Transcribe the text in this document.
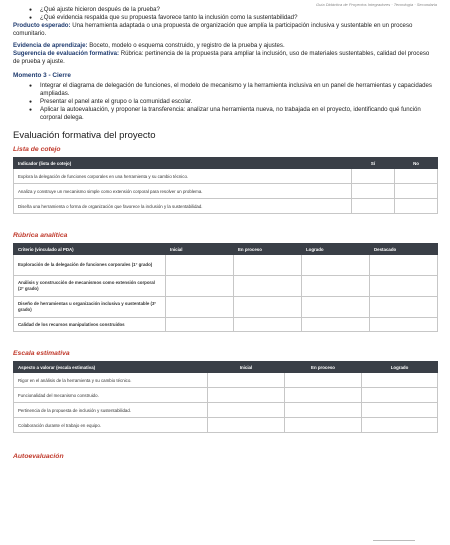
Guía Didáctica de Proyectos Integradores · Tecnología · Secundaria
● ¿Qué ajuste hicieron después de la prueba?
● ¿Qué evidencia respalda que su propuesta favorece tanto la inclusión como la sustentabilidad?

Producto esperado: Una herramienta adaptada o una propuesta de organización que amplía la participación inclusiva y sustentable en un proceso comunitario.

Evidencia de aprendizaje: Boceto, modelo o esquema construido, y registro de la prueba y ajustes.

Sugerencia de evaluación formativa: Rúbrica: pertinencia de la propuesta para ampliar la inclusión, uso de materiales sustentables, calidad del proceso de prueba y ajuste.

Momento 3 - Cierre
● Integrar el diagrama de delegación de funciones, el modelo de mecanismo y la herramienta inclusiva en un panel de herramientas y capacidades ampliadas.
● Presentar el panel ante el grupo o la comunidad escolar.
● Aplicar la autoevaluación, y proponer la transferencia: analizar una herramienta nueva, no trabajada en el proyecto, identificando qué función corporal delega.
Evaluación formativa del proyecto
Lista de cotejo
Indicador (lista de cotejo)	Sí	No
Explora la delegación de funciones corporales en una herramienta y su cambio técnico.		
Analiza y construye un mecanismo simple como extensión corporal para resolver un problema.		
Diseña una herramienta o forma de organización que favorece la inclusión y la sustentabilidad.		
Rúbrica analítica
Criterio (vinculado al PDA)	Inicial	En proceso	Logrado	Destacado
Exploración de la delegación de funciones corporales (1° grado)				
Análisis y construcción de mecanismos como extensión corporal (2° grado)				
Diseño de herramientas u organización inclusiva y sustentable (3° grado)				
Calidad de los recursos manipulativos construidos				
Escala estimativa
Aspecto a valorar (escala estimativa)	Inicial	En proceso	Logrado
Rigor en el análisis de la herramienta y su cambio técnico.			
Funcionalidad del mecanismo construido.			
Pertinencia de la propuesta de inclusión y sustentabilidad.			
Colaboración durante el trabajo en equipo.			
Autoevaluación
